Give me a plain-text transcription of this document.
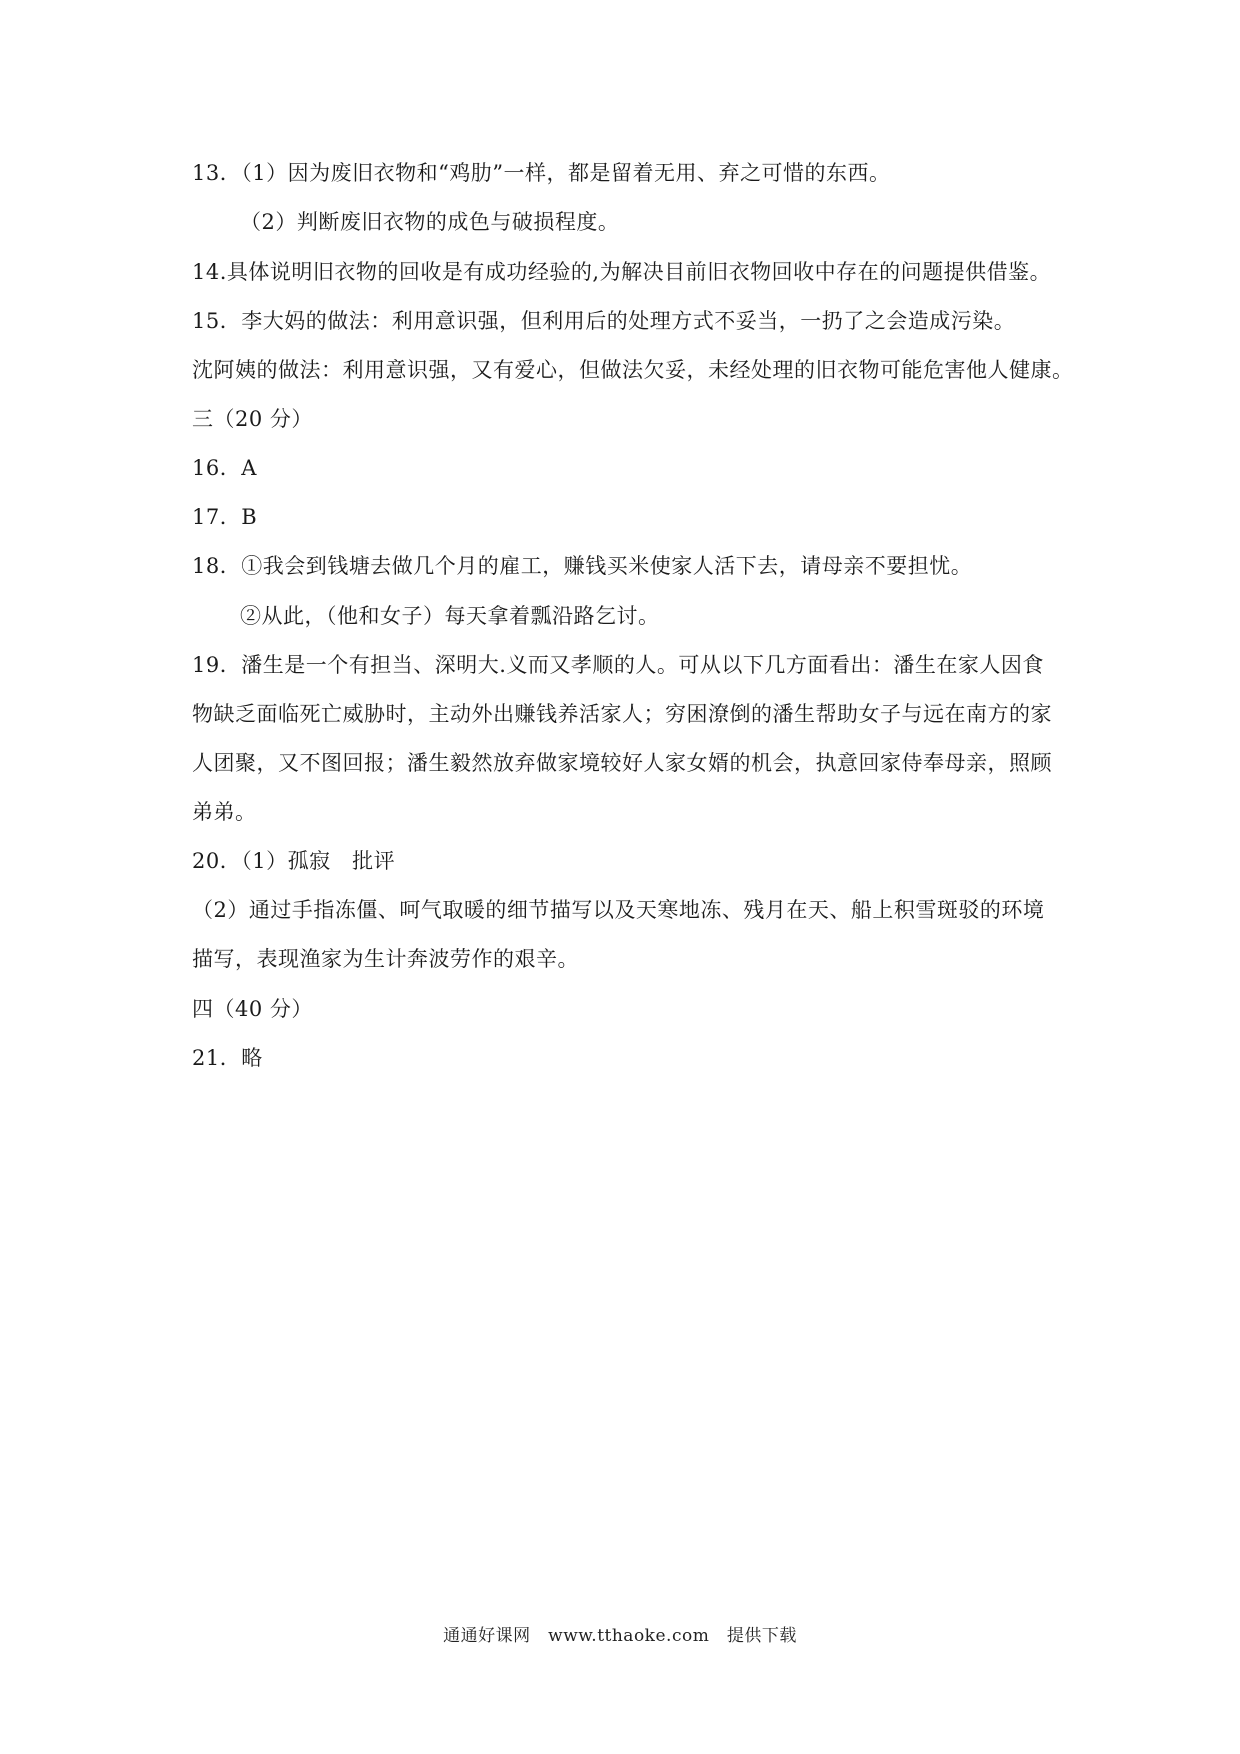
13．（1）因为废旧衣物和“鸡肋”一样，都是留着无用、弃之可惜的东西。
（2）判断废旧衣物的成色与破损程度。
14.具体说明旧衣物的回收是有成功经验的,为解决目前旧衣物回收中存在的问题提供借鉴。
15．李大妈的做法：利用意识强，但利用后的处理方式不妥当，一扔了之会造成污染。
沈阿姨的做法：利用意识强，又有爱心，但做法欠妥，未经处理的旧衣物可能危害他人健康。
三（20 分）
16．A
17．B
18．①我会到钱塘去做几个月的雇工，赚钱买米使家人活下去，请母亲不要担忧。
②从此，（他和女子）每天拿着瓢沿路乞讨。
19．潘生是一个有担当、深明大.义而又孝顺的人。可从以下几方面看出：潘生在家人因食
物缺乏面临死亡威胁时，主动外出赚钱养活家人；穷困潦倒的潘生帮助女子与远在南方的家
人团聚，又不图回报；潘生毅然放弃做家境较好人家女婿的机会，执意回家侍奉母亲，照顾
弟弟。
20．（1）孤寂　批评
（2）通过手指冻僵、呵气取暖的细节描写以及天寒地冻、残月在天、船上积雪斑驳的环境
描写，表现渔家为生计奔波劳作的艰辛。
四（40 分）
21．略
通通好课网　www.tthaoke.com　提供下载
